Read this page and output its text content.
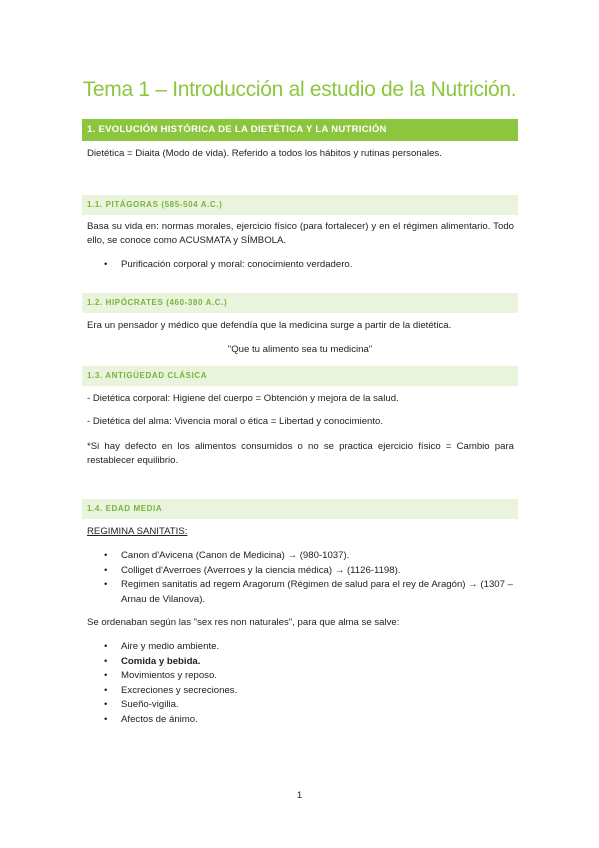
Tema 1 – Introducción al estudio de la Nutrición.
1. EVOLUCIÓN HISTÓRICA DE LA DIETÉTICA Y LA NUTRICIÓN

Dietética = Diaita (Modo de vida). Referido a todos los hábitos y rutinas personales.

1.1. PITÁGORAS (585-504 A.C.)

Basa su vida en: normas morales, ejercicio físico (para fortalecer) y en el régimen alimentario. Todo ello, se conoce como ACUSMATA y SÍMBOLA.

• Purificación corporal y moral: conocimiento verdadero.
1.2. HIPÓCRATES (460-380 A.C.)

Era un pensador y médico que defendía que la medicina surge a partir de la dietética.

"Que tu alimento sea tu medicina"

1.3. ANTIGÜEDAD CLÁSICA

- Dietética corporal: Higiene del cuerpo = Obtención y mejora de la salud.

- Dietética del alma: Vivencia moral o ética = Libertad y conocimiento.

*Si hay defecto en los alimentos consumidos o no se practica ejercicio físico = Cambio para restablecer equilibrio.

1.4. EDAD MEDIA

REGIMINA SANITATIS:

• Canon d'Avicena (Canon de Medicina) → (980-1037).
• Colliget d'Averroes (Averroes y la ciencia médica) → (1126-1198).
• Regimen sanitatis ad regem Aragorum (Régimen de salud para el rey de Aragón) → (1307 – Arnau de Vilanova).

Se ordenaban según las "sex res non naturales", para que alma se salve:

• Aire y medio ambiente.
• Comida y bebida.
• Movimientos y reposo.
• Excreciones y secreciones.
• Sueño-vigilia.
• Afectos de ánimo.
1
